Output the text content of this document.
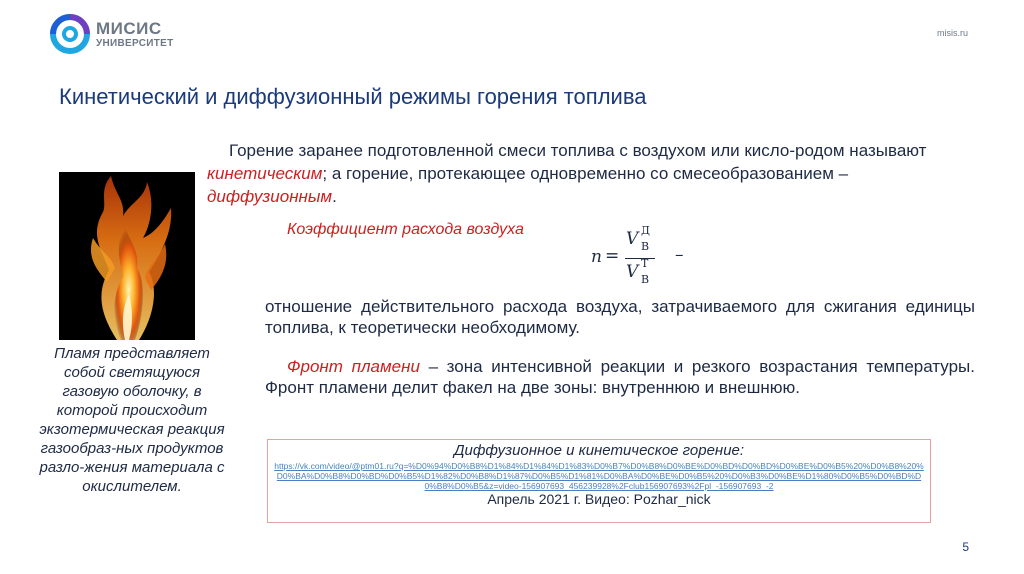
МИСИС
УНИВЕРСИТЕТ
misis.ru
Кинетический и диффузионный режимы горения топлива
Пламя представляет собой светящуюся газовую оболочку, в которой происходит экзотермическая реакция газообраз-ных продуктов разло-жения материала с окислителем.
Горение заранее подготовленной смеси топлива с воздухом или кисло-родом называют кинетическим; а горение, протекающее одновременно со смесеобразованием – диффузионным.
Коэффициент расхода воздуха
n =
V Д
В
V Т
В
–
отношение действительного расхода воздуха, затрачиваемого для сжигания единицы топлива, к теоретически необходимому.
Фронт пламени – зона интенсивной реакции и резкого возрастания температуры. Фронт пламени делит факел на две зоны: внутреннюю и внешнюю.
Диффузионное и кинетическое горение:
https://vk.com/video/@ptm01.ru?q=%D0%94%D0%B8%D1%84%D1%84%D1%83%D0%B7%D0%B8%D0%BE%D0%BD%D0%BD%D0%BE%D0%B5%20%D0%B8%20%D0%BA%D0%B8%D0%BD%D0%B5%D1%82%D0%B8%D1%87%D0%B5%D1%81%D0%BA%D0%BE%D0%B5%20%D0%B3%D0%BE%D1%80%D0%B5%D0%BD%D0%B8%D0%B5&z=video-156907693_456239928%2Fclub156907693%2Fpl_-156907693_-2
Апрель 2021 г. Видео: Pozhar_nick
5
